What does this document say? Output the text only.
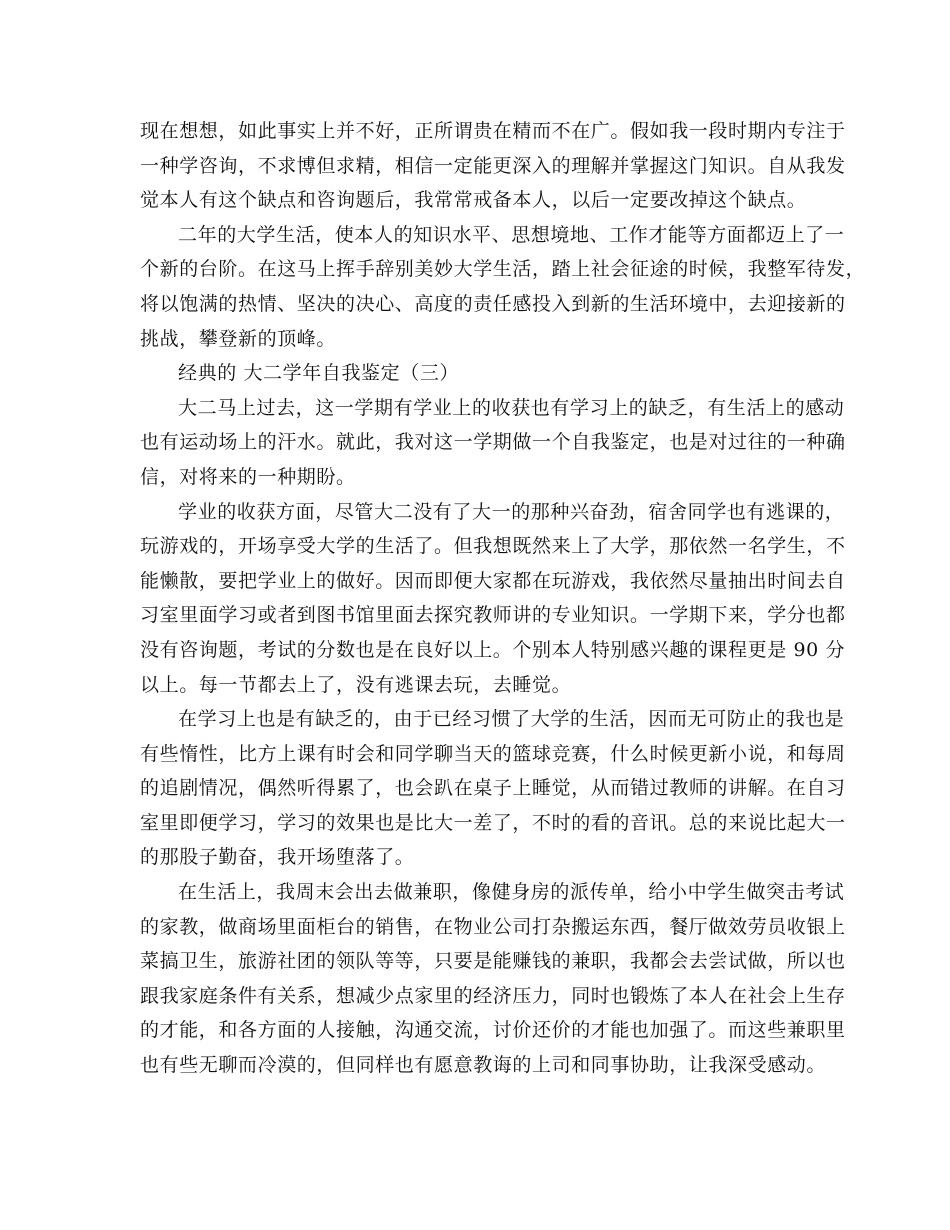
现在想想，如此事实上并不好，正所谓贵在精而不在广。假如我一段时期内专注于
一种学咨询，不求博但求精，相信一定能更深入的理解并掌握这门知识。自从我发
觉本人有这个缺点和咨询题后，我常常戒备本人，以后一定要改掉这个缺点。
二年的大学生活，使本人的知识水平、思想境地、工作才能等方面都迈上了一
个新的台阶。在这马上挥手辞别美妙大学生活，踏上社会征途的时候，我整军待发，
将以饱满的热情、坚决的决心、高度的责任感投入到新的生活环境中，去迎接新的
挑战，攀登新的顶峰。
经典的 大二学年自我鉴定（三）
大二马上过去，这一学期有学业上的收获也有学习上的缺乏，有生活上的感动
也有运动场上的汗水。就此，我对这一学期做一个自我鉴定，也是对过往的一种确
信，对将来的一种期盼。
学业的收获方面，尽管大二没有了大一的那种兴奋劲，宿舍同学也有逃课的，
玩游戏的，开场享受大学的生活了。但我想既然来上了大学，那依然一名学生，不
能懒散，要把学业上的做好。因而即便大家都在玩游戏，我依然尽量抽出时间去自
习室里面学习或者到图书馆里面去探究教师讲的专业知识。一学期下来，学分也都
没有咨询题，考试的分数也是在良好以上。个别本人特别感兴趣的课程更是 90 分
以上。每一节都去上了，没有逃课去玩，去睡觉。
在学习上也是有缺乏的，由于已经习惯了大学的生活，因而无可防止的我也是
有些惰性，比方上课有时会和同学聊当天的篮球竞赛，什么时候更新小说，和每周
的追剧情况，偶然听得累了，也会趴在桌子上睡觉，从而错过教师的讲解。在自习
室里即便学习，学习的效果也是比大一差了，不时的看的音讯。总的来说比起大一
的那股子勤奋，我开场堕落了。
在生活上，我周末会出去做兼职，像健身房的派传单，给小中学生做突击考试
的家教，做商场里面柜台的销售，在物业公司打杂搬运东西，餐厅做效劳员收银上
菜搞卫生，旅游社团的领队等等，只要是能赚钱的兼职，我都会去尝试做，所以也
跟我家庭条件有关系，想减少点家里的经济压力，同时也锻炼了本人在社会上生存
的才能，和各方面的人接触，沟通交流，讨价还价的才能也加强了。而这些兼职里
也有些无聊而冷漠的，但同样也有愿意教诲的上司和同事协助，让我深受感动。
